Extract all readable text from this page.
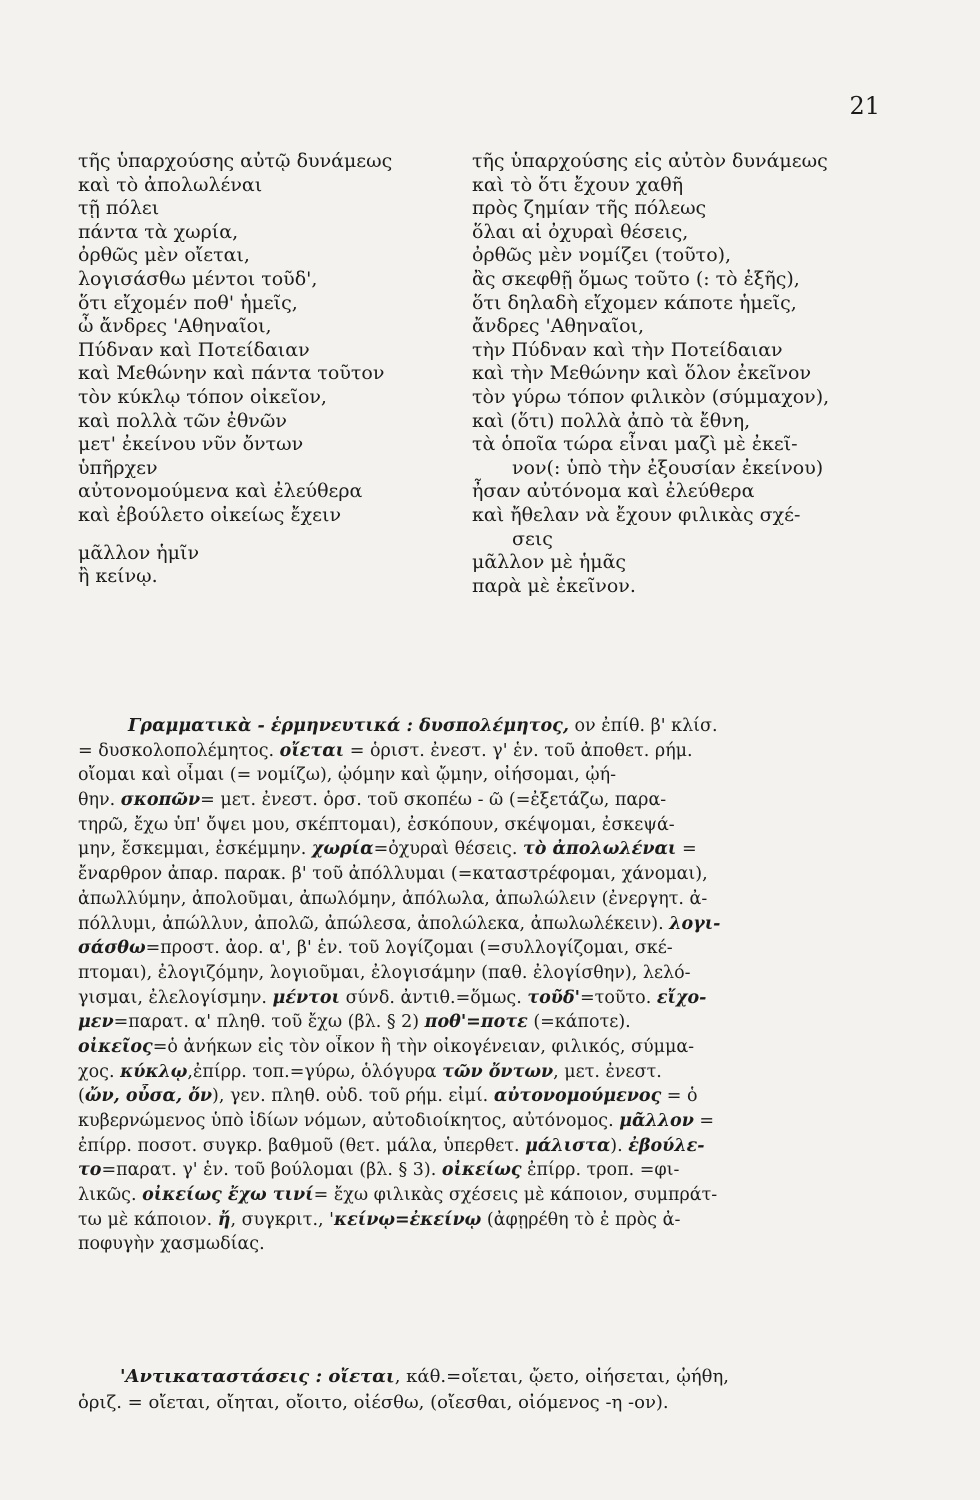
21
τῆς ὑπαρχούσης αὐτῷ δυνάμεως
καὶ τὸ ἀπολωλέναι
τῇ πόλει
πάντα τὰ χωρία,
ὀρθῶς μὲν οἴεται,
λογισάσθω μέντοι τοῦδ',
ὅτι εἴχομέν ποθ' ἡμεῖς,
ὦ ἄνδρες 'Αθηναῖοι,
Πύδναν καὶ Ποτείδαιαν
καὶ Μεθώνην καὶ πάντα τοῦτον
τὸν κύκλῳ τόπον οἰκεῖον,
καὶ πολλὰ τῶν ἐθνῶν
μετ' ἐκείνου νῦν ὄντων
ὑπῆρχεν
αὐτονομούμενα καὶ ἐλεύθερα
καὶ ἐβούλετο οἰκείως ἔχειν
μᾶλλον ἡμῖν
ἢ κείνῳ.
τῆς ὑπαρχούσης εἰς αὐτὸν δυνάμεως
καὶ τὸ ὅτι ἔχουν χαθῆ
πρὸς ζημίαν τῆς πόλεως
ὅλαι αἱ ὀχυραὶ θέσεις,
ὀρθῶς μὲν νομίζει (τοῦτο),
ἂς σκεφθῇ ὅμως τοῦτο (: τὸ ἑξῆς),
ὅτι δηλαδὴ εἴχομεν κάποτε ἡμεῖς,
ἄνδρες 'Αθηναῖοι,
τὴν Πύδναν καὶ τὴν Ποτείδαιαν
καὶ τὴν Μεθώνην καὶ ὅλον ἐκεῖνον
τὸν γύρω τόπον φιλικὸν (σύμμαχον),
καὶ (ὅτι) πολλὰ ἀπὸ τὰ ἔθνη,
τὰ ὁποῖα τώρα εἶναι μαζὶ μὲ ἐκεῖ-
νον(: ὑπὸ τὴν ἐξουσίαν ἐκείνου)
ἦσαν αὐτόνομα καὶ ἐλεύθερα
καὶ ἤθελαν νὰ ἔχουν φιλικὰς σχέ-
σεις
μᾶλλον μὲ ἡμᾶς
παρὰ μὲ ἐκεῖνον.
Γραμματικὰ - ἑρμηνευτικά : δυσπολέμητος, ον ἐπίθ. β' κλίσ.
= δυσκολοπολέμητος. οἴεται = ὁριστ. ἐνεστ. γ' ἑν. τοῦ ἀποθετ. ρήμ.
οἴομαι καὶ οἶμαι (= νομίζω), ᾠόμην καὶ ᾤμην, οἰήσομαι, ᾠή-
θην. σκοπῶν= μετ. ἐνεστ. ὁρσ. τοῦ σκοπέω - ῶ (=ἐξετάζω, παρα-
τηρῶ, ἔχω ὑπ' ὄψει μου, σκέπτομαι), ἐσκόπουν, σκέψομαι, ἐσκεψά-
μην, ἔσκεμμαι, ἐσκέμμην. χωρία=ὀχυραὶ θέσεις. τὸ ἀπολωλέναι =
ἔναρθρον ἀπαρ. παρακ. β' τοῦ ἀπόλλυμαι (=καταστρέφομαι, χάνομαι),
ἀπωλλύμην, ἀπολοῦμαι, ἀπωλόμην, ἀπόλωλα, ἀπωλώλειν (ἐνεργητ. ἀ-
πόλλυμι, ἀπώλλυν, ἀπολῶ, ἀπώλεσα, ἀπολώλεκα, ἀπωλωλέκειν). λογι-
σάσθω=προστ. ἀορ. α', β' ἑν. τοῦ λογίζομαι (=συλλογίζομαι, σκέ-
πτομαι), ἐλογιζόμην, λογιοῦμαι, ἐλογισάμην (παθ. ἐλογίσθην), λελό-
γισμαι, ἐλελογίσμην. μέντοι σύνδ. ἀντιθ.=ὅμως. τοῦδ'=τοῦτο. εἴχο-
μεν=παρατ. α' πληθ. τοῦ ἔχω (βλ. § 2) ποθ'=ποτε (=κάποτε).
οἰκεῖος=ὁ ἀνήκων εἰς τὸν οἶκον ἢ τὴν οἰκογένειαν, φιλικός, σύμμα-
χος. κύκλῳ,ἐπίρρ. τοπ.=γύρω, ὁλόγυρα τῶν ὄντων, μετ. ἐνεστ.
(ὤν, οὖσα, ὄν), γεν. πληθ. οὐδ. τοῦ ρήμ. εἰμί. αὐτονομούμενος = ὁ
κυβερνώμενος ὑπὸ ἰδίων νόμων, αὐτοδιοίκητος, αὐτόνομος. μᾶλλον =
ἐπίρρ. ποσοτ. συγκρ. βαθμοῦ (θετ. μάλα, ὑπερθετ. μάλιστα). ἐβούλε-
το=παρατ. γ' ἑν. τοῦ βούλομαι (βλ. § 3). οἰκείως ἐπίρρ. τροπ. =φι-
λικῶς. οἰκείως ἔχω τινί= ἔχω φιλικὰς σχέσεις μὲ κάποιον, συμπράτ-
τω μὲ κάποιον. ἤ, συγκριτ., 'κείνῳ=ἐκείνῳ (ἀφῃρέθη τὸ ἐ πρὸς ἀ-
ποφυγὴν χασμωδίας.
'Αντικαταστάσεις : οἴεται, κάθ.=οἴεται, ᾤετο, οἰήσεται, ᾠήθη,
ὁριζ. = οἴεται, οἴηται, οἴοιτο, οἰέσθω, (οἴεσθαι, οἰόμενος -η -ον).
